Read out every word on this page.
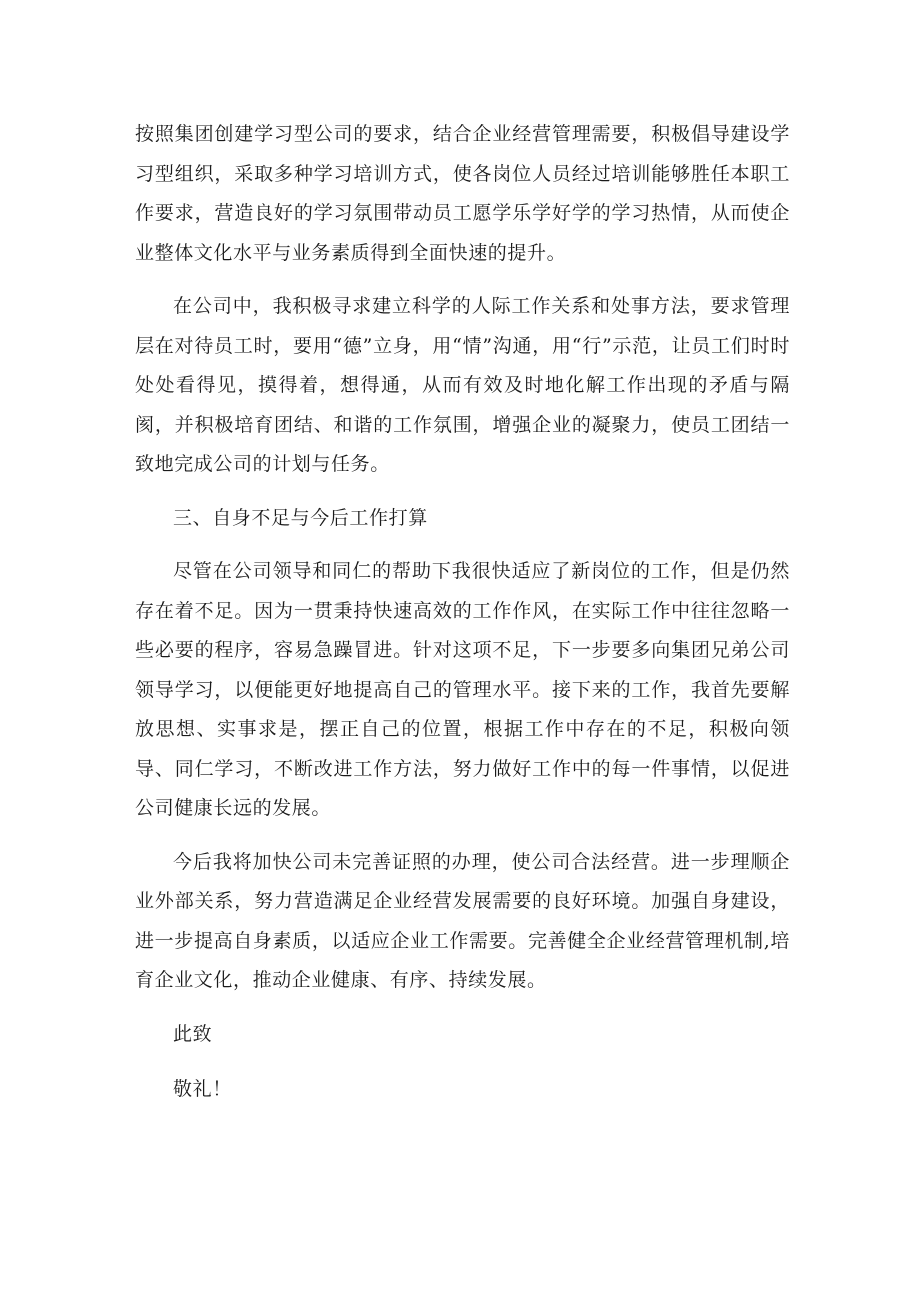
按照集团创建学习型公司的要求，结合企业经营管理需要，积极倡导建设学习型组织，采取多种学习培训方式，使各岗位人员经过培训能够胜任本职工作要求，营造良好的学习氛围带动员工愿学乐学好学的学习热情，从而使企业整体文化水平与业务素质得到全面快速的提升。

在公司中，我积极寻求建立科学的人际工作关系和处事方法，要求管理层在对待员工时，要用“德”立身，用“情”沟通，用“行”示范，让员工们时时处处看得见，摸得着，想得通，从而有效及时地化解工作出现的矛盾与隔阂，并积极培育团结、和谐的工作氛围，增强企业的凝聚力，使员工团结一致地完成公司的计划与任务。

三、自身不足与今后工作打算

尽管在公司领导和同仁的帮助下我很快适应了新岗位的工作，但是仍然存在着不足。因为一贯秉持快速高效的工作作风，在实际工作中往往忽略一些必要的程序，容易急躁冒进。针对这项不足，下一步要多向集团兄弟公司领导学习，以便能更好地提高自己的管理水平。接下来的工作，我首先要解放思想、实事求是，摆正自己的位置，根据工作中存在的不足，积极向领导、同仁学习，不断改进工作方法，努力做好工作中的每一件事情，以促进公司健康长远的发展。

今后我将加快公司未完善证照的办理，使公司合法经营。进一步理顺企业外部关系，努力营造满足企业经营发展需要的良好环境。加强自身建设，进一步提高自身素质，以适应企业工作需要。完善健全企业经营管理机制,培育企业文化，推动企业健康、有序、持续发展。

此致

敬礼！
